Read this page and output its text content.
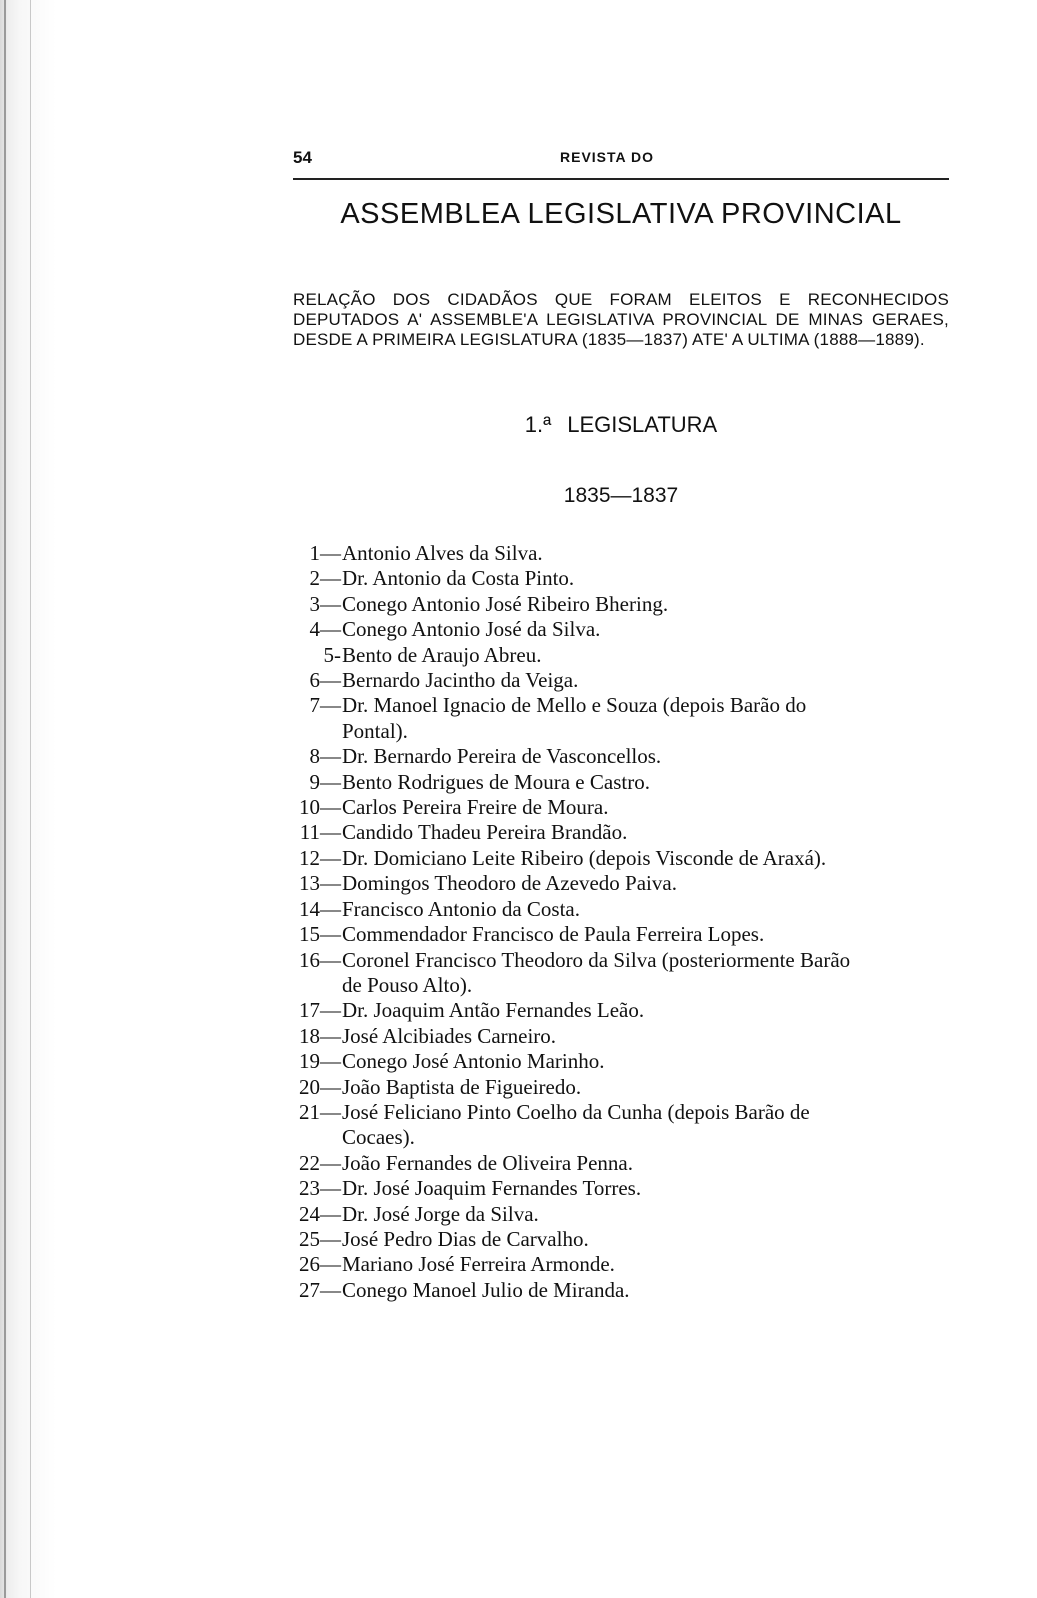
54	REVISTA DO
ASSEMBLEA LEGISLATIVA PROVINCIAL
RELAÇÃO DOS CIDADÃOS QUE FORAM ELEITOS E RECONHECIDOS DEPUTADOS A' ASSEMBLE'A LEGISLATIVA PROVINCIAL DE MINAS GERAES, DESDE A PRIMEIRA LEGISLATURA (1835—1837) ATE' A ULTIMA (1888—1889).
1.ª LEGISLATURA
1835—1837
1— Antonio Alves da Silva.
2— Dr. Antonio da Costa Pinto.
3— Conego Antonio José Ribeiro Bhering.
4— Conego Antonio José da Silva.
5- Bento de Araujo Abreu.
6— Bernardo Jacintho da Veiga.
7— Dr. Manoel Ignacio de Mello e Souza (depois Barão do
Pontal).
8— Dr. Bernardo Pereira de Vasconcellos.
9— Bento Rodrigues de Moura e Castro.
10— Carlos Pereira Freire de Moura.
11— Candido Thadeu Pereira Brandão.
12— Dr. Domiciano Leite Ribeiro (depois Visconde de Araxá).
13— Domingos Theodoro de Azevedo Paiva.
14— Francisco Antonio da Costa.
15— Commendador Francisco de Paula Ferreira Lopes.
16— Coronel Francisco Theodoro da Silva (posteriormente Barão
de Pouso Alto).
17— Dr. Joaquim Antão Fernandes Leão.
18— José Alcibiades Carneiro.
19— Conego José Antonio Marinho.
20— João Baptista de Figueiredo.
21— José Feliciano Pinto Coelho da Cunha (depois Barão de
Cocaes).
22— João Fernandes de Oliveira Penna.
23— Dr. José Joaquim Fernandes Torres.
24— Dr. José Jorge da Silva.
25— José Pedro Dias de Carvalho.
26— Mariano José Ferreira Armonde.
27— Conego Manoel Julio de Miranda.
